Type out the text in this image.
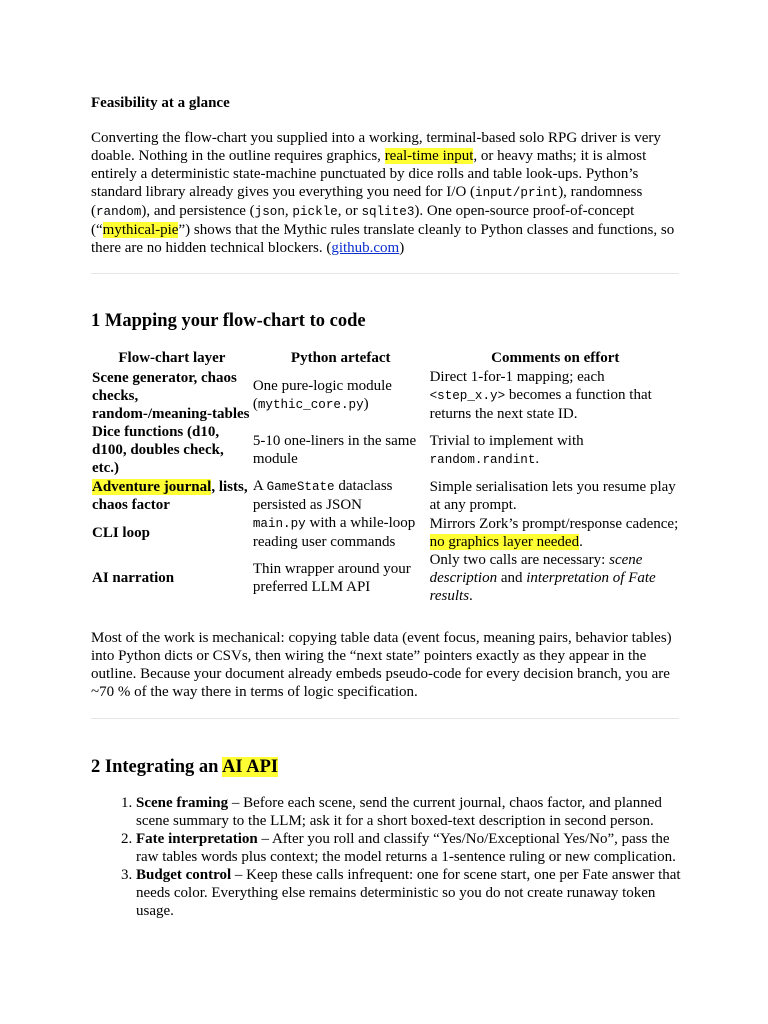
Feasibility at a glance
Converting the flow-chart you supplied into a working, terminal-based solo RPG driver is very doable. Nothing in the outline requires graphics, real-time input, or heavy maths; it is almost entirely a deterministic state-machine punctuated by dice rolls and table look-ups. Python’s standard library already gives you everything you need for I/O (input/print), randomness (random), and persistence (json, pickle, or sqlite3). One open-source proof-of-concept (“mythical-pie”) shows that the Mythic rules translate cleanly to Python classes and functions, so there are no hidden technical blockers. (github.com)
1 Mapping your flow-chart to code
Flow-chart layer	Python artefact	Comments on effort
Scene generator, chaos checks, random-/meaning-tables	One pure-logic module (mythic_core.py)	Direct 1-for-1 mapping; each <step_x.y> becomes a function that returns the next state ID.
Dice functions (d10, d100, doubles check, etc.)	5-10 one-liners in the same module	Trivial to implement with random.randint.
Adventure journal, lists, chaos factor	A GameState dataclass persisted as JSON	Simple serialisation lets you resume play at any prompt.
CLI loop	main.py with a while-loop reading user commands	Mirrors Zork’s prompt/response cadence; no graphics layer needed.
AI narration	Thin wrapper around your preferred LLM API	Only two calls are necessary: scene description and interpretation of Fate results.
Most of the work is mechanical: copying table data (event focus, meaning pairs, behavior tables) into Python dicts or CSVs, then wiring the “next state” pointers exactly as they appear in the outline. Because your document already embeds pseudo-code for every decision branch, you are ~70 % of the way there in terms of logic specification.
2 Integrating an AI API
1. Scene framing – Before each scene, send the current journal, chaos factor, and planned scene summary to the LLM; ask it for a short boxed-text description in second person.
2. Fate interpretation – After you roll and classify “Yes/No/Exceptional Yes/No”, pass the raw tables words plus context; the model returns a 1-sentence ruling or new complication.
3. Budget control – Keep these calls infrequent: one for scene start, one per Fate answer that needs color. Everything else remains deterministic so you do not create runaway token usage.
